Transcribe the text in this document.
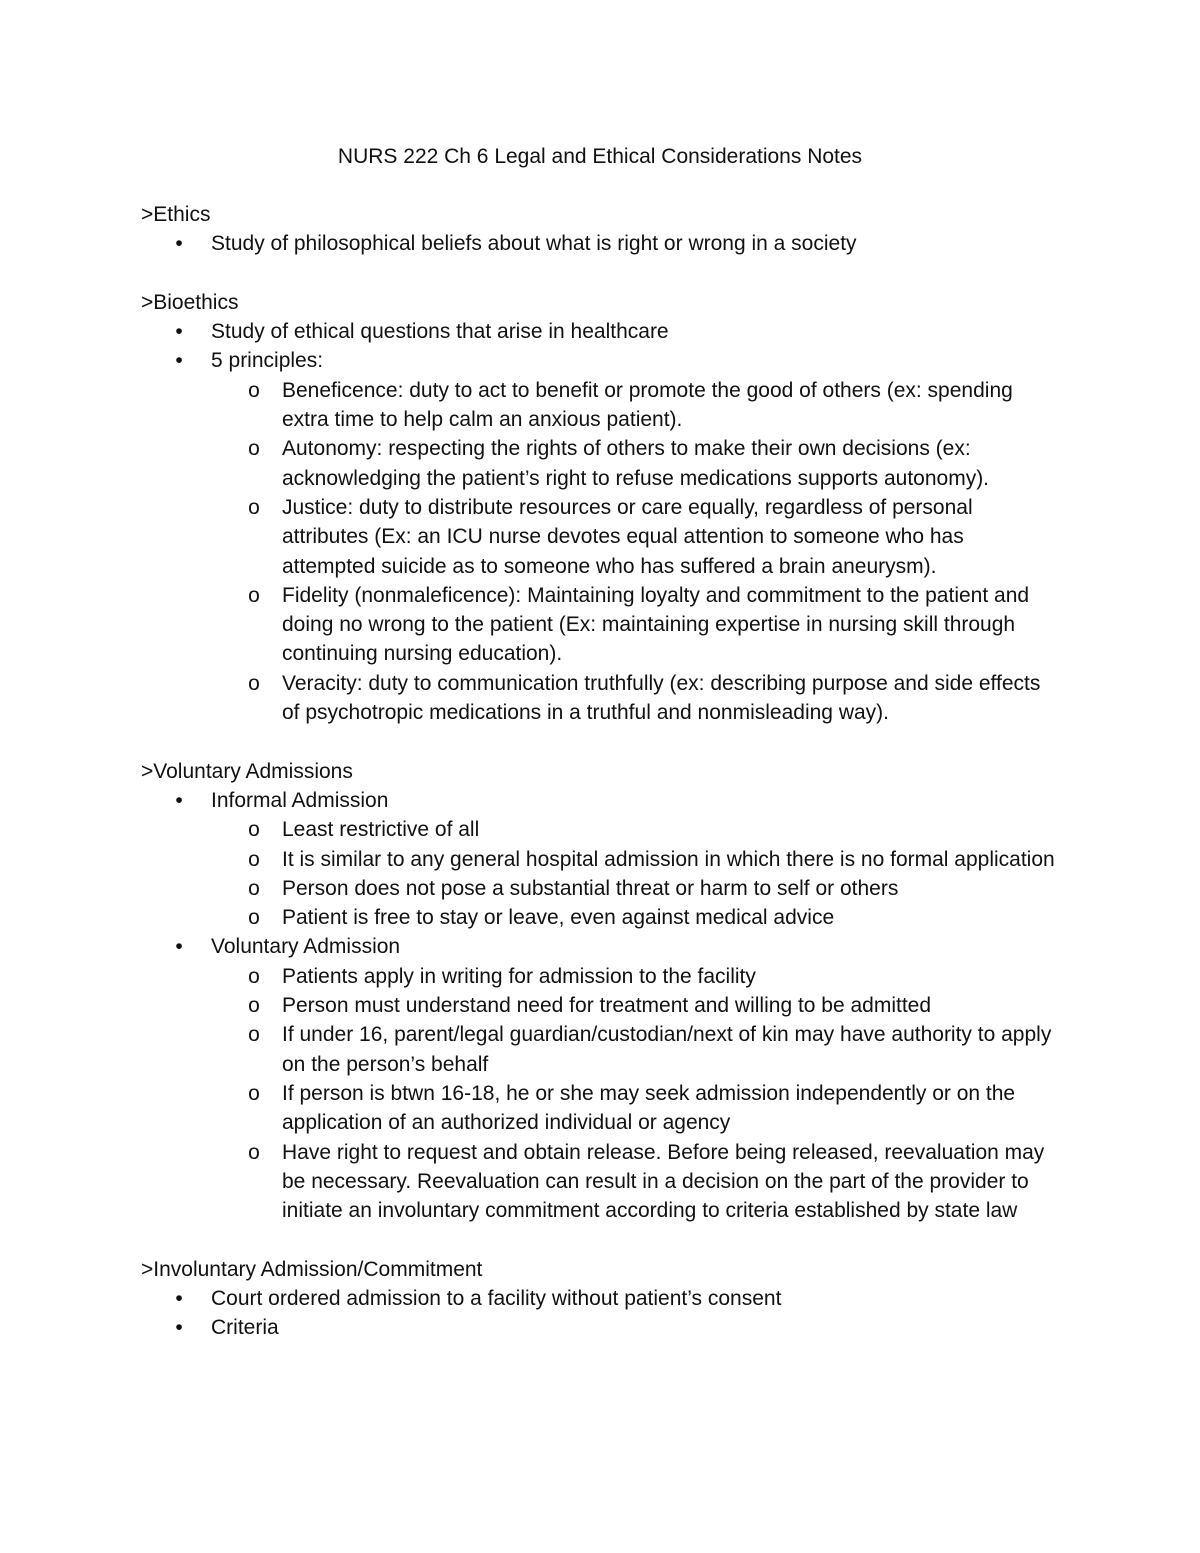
NURS 222 Ch 6 Legal and Ethical Considerations Notes

>Ethics

• Study of philosophical beliefs about what is right or wrong in a society

>Bioethics

• Study of ethical questions that arise in healthcare
• 5 principles:
o Beneficence: duty to act to benefit or promote the good of others (ex: spending extra time to help calm an anxious patient).
o Autonomy: respecting the rights of others to make their own decisions (ex: acknowledging the patient’s right to refuse medications supports autonomy).
o Justice: duty to distribute resources or care equally, regardless of personal attributes (Ex: an ICU nurse devotes equal attention to someone who has attempted suicide as to someone who has suffered a brain aneurysm).
o Fidelity (nonmaleficence): Maintaining loyalty and commitment to the patient and doing no wrong to the patient (Ex: maintaining expertise in nursing skill through continuing nursing education).
o Veracity: duty to communication truthfully (ex: describing purpose and side effects of psychotropic medications in a truthful and nonmisleading way).

>Voluntary Admissions

• Informal Admission
o Least restrictive of all
o It is similar to any general hospital admission in which there is no formal application
o Person does not pose a substantial threat or harm to self or others
o Patient is free to stay or leave, even against medical advice
• Voluntary Admission
o Patients apply in writing for admission to the facility
o Person must understand need for treatment and willing to be admitted
o If under 16, parent/legal guardian/custodian/next of kin may have authority to apply on the person’s behalf
o If person is btwn 16-18, he or she may seek admission independently or on the application of an authorized individual or agency
o Have right to request and obtain release. Before being released, reevaluation may be necessary. Reevaluation can result in a decision on the part of the provider to initiate an involuntary commitment according to criteria established by state law

>Involuntary Admission/Commitment

• Court ordered admission to a facility without patient’s consent
• Criteria
